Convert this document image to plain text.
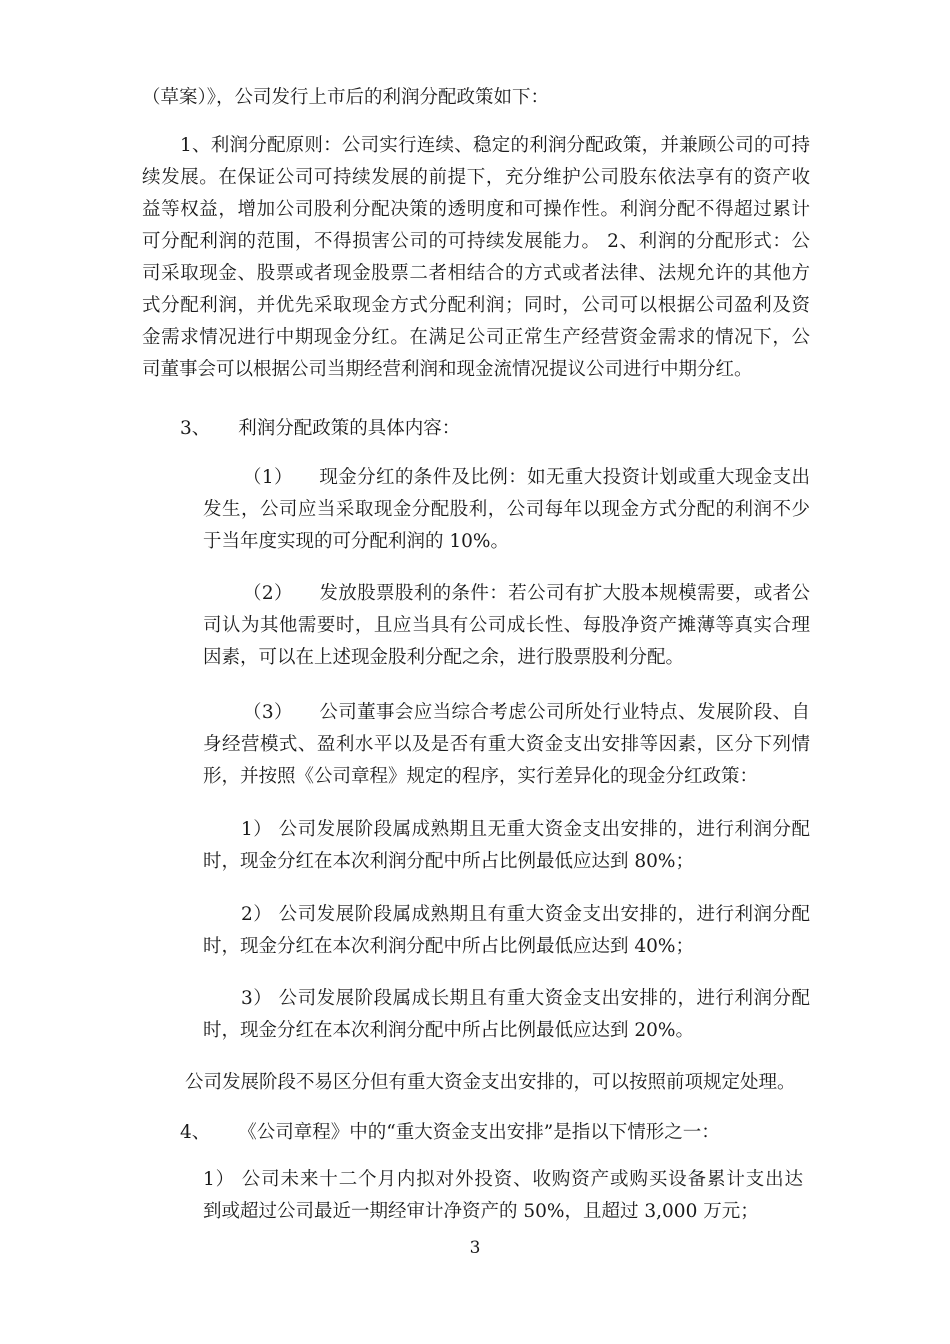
（草案）》，公司发行上市后的利润分配政策如下：
1、利润分配原则：公司实行连续、稳定的利润分配政策，并兼顾公司的可持
续发展。在保证公司可持续发展的前提下，充分维护公司股东依法享有的资产收
益等权益，增加公司股利分配决策的透明度和可操作性。利润分配不得超过累计
可分配利润的范围，不得损害公司的可持续发展能力。 2、利润的分配形式：公
司采取现金、股票或者现金股票二者相结合的方式或者法律、法规允许的其他方
式分配利润，并优先采取现金方式分配利润；同时，公司可以根据公司盈利及资
金需求情况进行中期现金分红。在满足公司正常生产经营资金需求的情况下，公
司董事会可以根据公司当期经营利润和现金流情况提议公司进行中期分红。
3、 利润分配政策的具体内容：
（1） 现金分红的条件及比例：如无重大投资计划或重大现金支出
发生，公司应当采取现金分配股利，公司每年以现金方式分配的利润不少
于当年度实现的可分配利润的 10%。
（2） 发放股票股利的条件：若公司有扩大股本规模需要，或者公
司认为其他需要时，且应当具有公司成长性、每股净资产摊薄等真实合理
因素，可以在上述现金股利分配之余，进行股票股利分配。
（3） 公司董事会应当综合考虑公司所处行业特点、发展阶段、自
身经营模式、盈利水平以及是否有重大资金支出安排等因素，区分下列情
形，并按照《公司章程》规定的程序，实行差异化的现金分红政策：
1） 公司发展阶段属成熟期且无重大资金支出安排的，进行利润分配
时，现金分红在本次利润分配中所占比例最低应达到 80%；
2） 公司发展阶段属成熟期且有重大资金支出安排的，进行利润分配
时，现金分红在本次利润分配中所占比例最低应达到 40%；
3） 公司发展阶段属成长期且有重大资金支出安排的，进行利润分配
时，现金分红在本次利润分配中所占比例最低应达到 20%。
公司发展阶段不易区分但有重大资金支出安排的，可以按照前项规定处理。
4、 《公司章程》中的“重大资金支出安排”是指以下情形之一：
1） 公司未来十二个月内拟对外投资、收购资产或购买设备累计支出达
到或超过公司最近一期经审计净资产的 50%，且超过 3,000 万元；
3
